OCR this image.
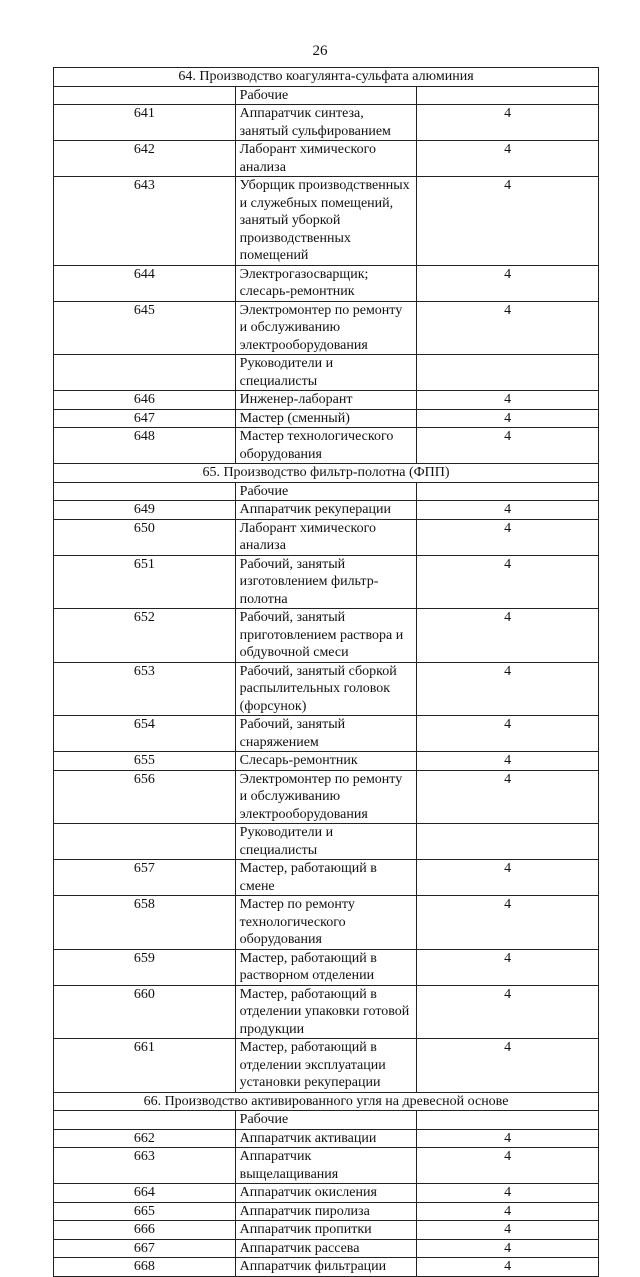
26
64. Производство коагулянта-сульфата алюминия		
	Рабочие	
641	Аппаратчик синтеза, занятый сульфированием	4
642	Лаборант химического анализа	4
643	Уборщик производственных и служебных помещений, занятый уборкой производственных помещений	4
644	Электрогазосварщик; слесарь-ремонтник	4
645	Электромонтер по ремонту и обслуживанию электрооборудования	4
	Руководители и специалисты	
646	Инженер-лаборант	4
647	Мастер (сменный)	4
648	Мастер технологического оборудования	4
65. Производство фильтр-полотна (ФПП)		
	Рабочие	
649	Аппаратчик рекуперации	4
650	Лаборант химического анализа	4
651	Рабочий, занятый изготовлением фильтр-полотна	4
652	Рабочий, занятый приготовлением раствора и обдувочной смеси	4
653	Рабочий, занятый сборкой распылительных головок (форсунок)	4
654	Рабочий, занятый снаряжением	4
655	Слесарь-ремонтник	4
656	Электромонтер по ремонту и обслуживанию электрооборудования	4
	Руководители и специалисты	
657	Мастер, работающий в смене	4
658	Мастер по ремонту технологического оборудования	4
659	Мастер, работающий в растворном отделении	4
660	Мастер, работающий в отделении упаковки готовой продукции	4
661	Мастер, работающий в отделении эксплуатации установки рекуперации	4
66. Производство активированного угля на древесной основе		
	Рабочие	
662	Аппаратчик активации	4
663	Аппаратчик выщелащивания	4
664	Аппаратчик окисления	4
665	Аппаратчик пиролиза	4
666	Аппаратчик пропитки	4
667	Аппаратчик рассева	4
668	Аппаратчик фильтрации	4
